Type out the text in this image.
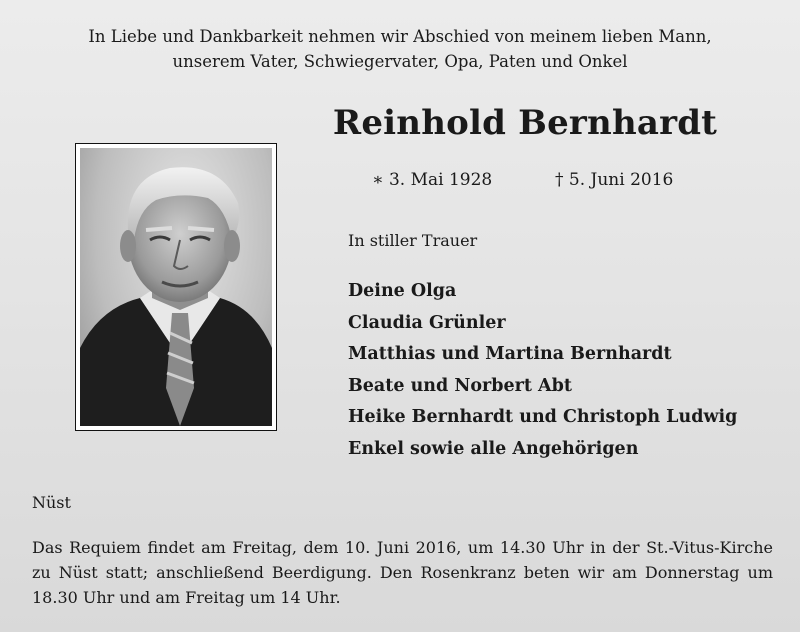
In Liebe und Dankbarkeit nehmen wir Abschied von meinem lieben Mann,
unserem Vater, Schwiegervater, Opa, Paten und Onkel
Reinhold Bernhardt
∗ 3. Mai 1928	† 5. Juni 2016
In stiller Trauer
Deine Olga
Claudia Grünler
Matthias und Martina Bernhardt
Beate und Norbert Abt
Heike Bernhardt und Christoph Ludwig
Enkel sowie alle Angehörigen
Nüst
Das Requiem findet am Freitag, dem 10. Juni 2016, um 14.30 Uhr in der St.-Vitus-Kirche zu Nüst statt; anschließend Beerdigung. Den Rosenkranz beten wir am Donnerstag um 18.30 Uhr und am Freitag um 14 Uhr.
